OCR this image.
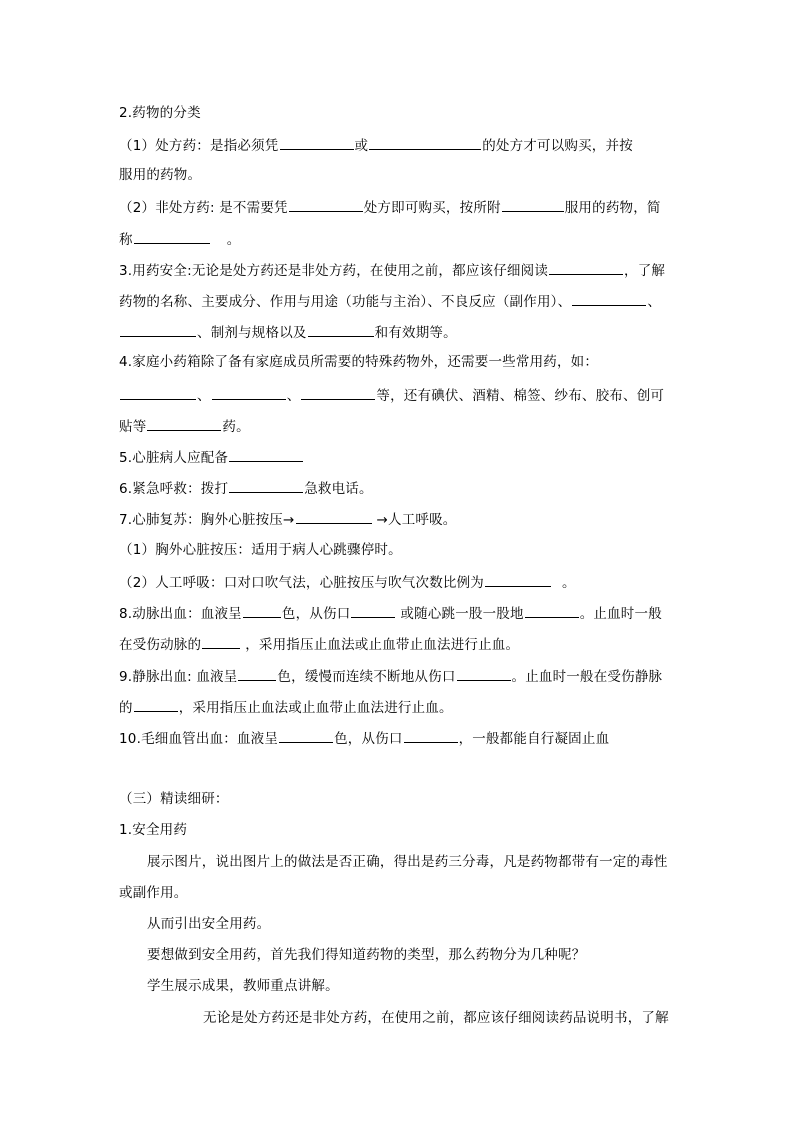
2.药物的分类
（1）处方药：是指必须凭	或	的处方才可以购买，并按
服用的药物。
（2）非处方药: 是不需要凭	处方即可购买，按所附	服用的药物，简
称	。
3.用药安全:无论是处方药还是非处方药，在使用之前，都应该仔细阅读	，了解
药物的名称、主要成分、作用与用途（功能与主治）、不良反应（副作用）、	、
、制剂与规格以及	和有效期等。
4.家庭小药箱除了备有家庭成员所需要的特殊药物外，还需要一些常用药，如：
、	、	等，还有碘伏、酒精、棉签、纱布、胶布、创可
贴等	药。
5.心脏病人应配备
6.紧急呼救：拨打	急救电话。
7.心肺复苏：胸外心脏按压→	→人工呼吸。
（1）胸外心脏按压：适用于病人心跳骤停时。
（2）人工呼吸：口对口吹气法，心脏按压与吹气次数比例为	。
8.动脉出血：血液呈	色，从伤口	或随心跳一股一股地	。止血时一般
在受伤动脉的	，采用指压止血法或止血带止血法进行止血。
9.静脉出血: 血液呈	色，缓慢而连续不断地从伤口	。止血时一般在受伤静脉
的	，采用指压止血法或止血带止血法进行止血。
10.毛细血管出血：血液呈	色，从伤口	，一般都能自行凝固止血
（三）精读细研：
1.安全用药
展示图片，说出图片上的做法是否正确，得出是药三分毒，凡是药物都带有一定的毒性
或副作用。
从而引出安全用药。
要想做到安全用药，首先我们得知道药物的类型，那么药物分为几种呢？
学生展示成果，教师重点讲解。
无论是处方药还是非处方药，在使用之前，都应该仔细阅读药品说明书，了解
